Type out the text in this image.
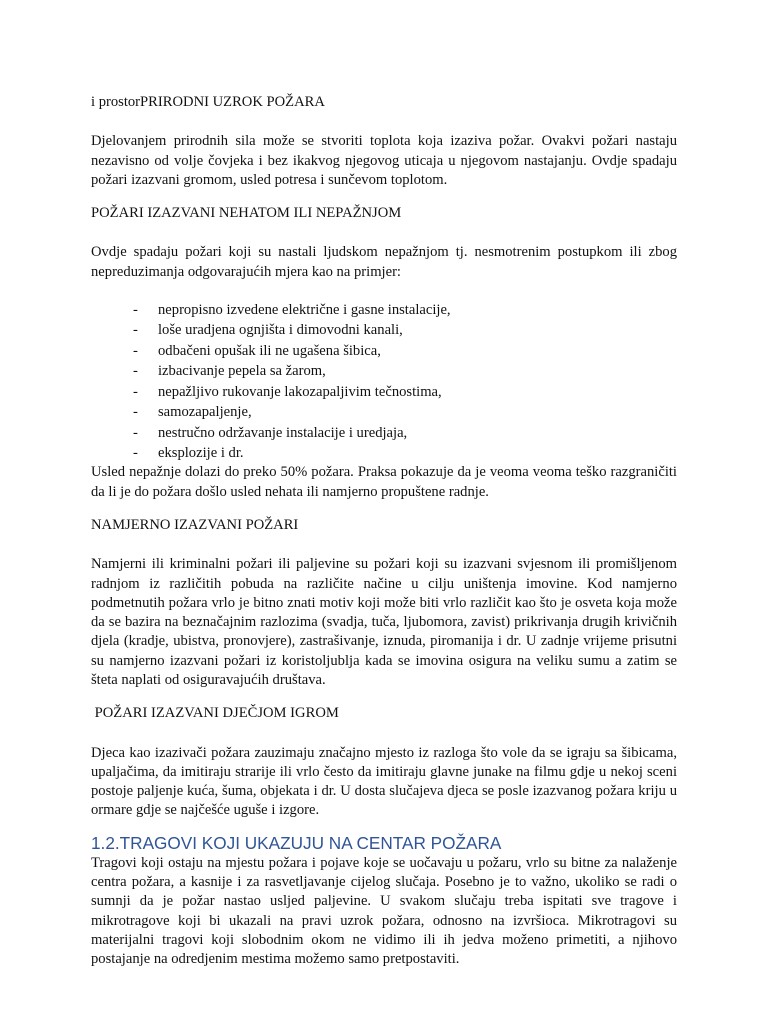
i prostorPRIRODNI UZROK POŽARA

Djelovanjem prirodnih sila može se stvoriti toplota koja izaziva požar. Ovakvi požari nastaju nezavisno od volje čovjeka i bez ikakvog njegovog uticaja u njegovom nastajanju. Ovdje spadaju požari izazvani gromom, usled potresa i sunčevom toplotom.

POŽARI IZAZVANI NEHATOM ILI NEPAŽNJOM

Ovdje spadaju požari koji su nastali ljudskom nepažnjom tj. nesmotrenim postupkom ili zbog nepreduzimanja odgovarajućih mjera kao na primjer:

- nepropisno izvedene električne i gasne instalacije,
- loše uradjena ognjišta i dimovodni kanali,
- odbačeni opušak ili ne ugašena šibica,
- izbacivanje pepela sa žarom,
- nepažljivo rukovanje lakozapaljivim tečnostima,
- samozapaljenje,
- nestručno održavanje instalacije i uredjaja,
- eksplozije i dr.

Usled nepažnje dolazi do preko 50% požara. Praksa pokazuje da je veoma veoma teško razgraničiti da li je do požara došlo usled nehata ili namjerno propuštene radnje.

NAMJERNO IZAZVANI POŽARI

Namjerni ili kriminalni požari ili paljevine su požari koji su izazvani svjesnom ili promišljenom radnjom iz različitih pobuda na različite načine u cilju uništenja imovine. Kod namjerno podmetnutih požara vrlo je bitno znati motiv koji može biti vrlo različit kao što je osveta koja može da se bazira na beznačajnim razlozima (svadja, tuča, ljubomora, zavist) prikrivanja drugih krivičnih djela (kradje, ubistva, pronovjere), zastrašivanje, iznuda, piromanija i dr. U zadnje vrijeme prisutni su namjerno izazvani požari iz koristoljublja kada se imovina osigura na veliku sumu a zatim se šteta naplati od osiguravajućih društava.

POŽARI IZAZVANI DJEČJOM IGROM

Djeca kao izazivači požara zauzimaju značajno mjesto iz razloga što vole da se igraju sa šibicama, upaljačima, da imitiraju strarije ili vrlo često da imitiraju glavne junake na filmu gdje u nekoj sceni postoje paljenje kuća, šuma, objekata i dr. U dosta slučajeva djeca se posle izazvanog požara kriju u ormare gdje se najčešće uguše i izgore.

1.2.TRAGOVI KOJI UKAZUJU NA CENTAR POŽARA

Tragovi koji ostaju na mjestu požara i pojave koje se uočavaju u požaru, vrlo su bitne za nalaženje centra požara, a kasnije i za rasvetljavanje cijelog slučaja. Posebno je to važno, ukoliko se radi o sumnji da je požar nastao usljed paljevine. U svakom slučaju treba ispitati sve tragove i mikrotragove koji bi ukazali na pravi uzrok požara, odnosno na izvršioca. Mikrotragovi su materijalni tragovi koji slobodnim okom ne vidimo ili ih jedva moženo primetiti, a njihovo postajanje na odredjenim mestima možemo samo pretpostaviti.
